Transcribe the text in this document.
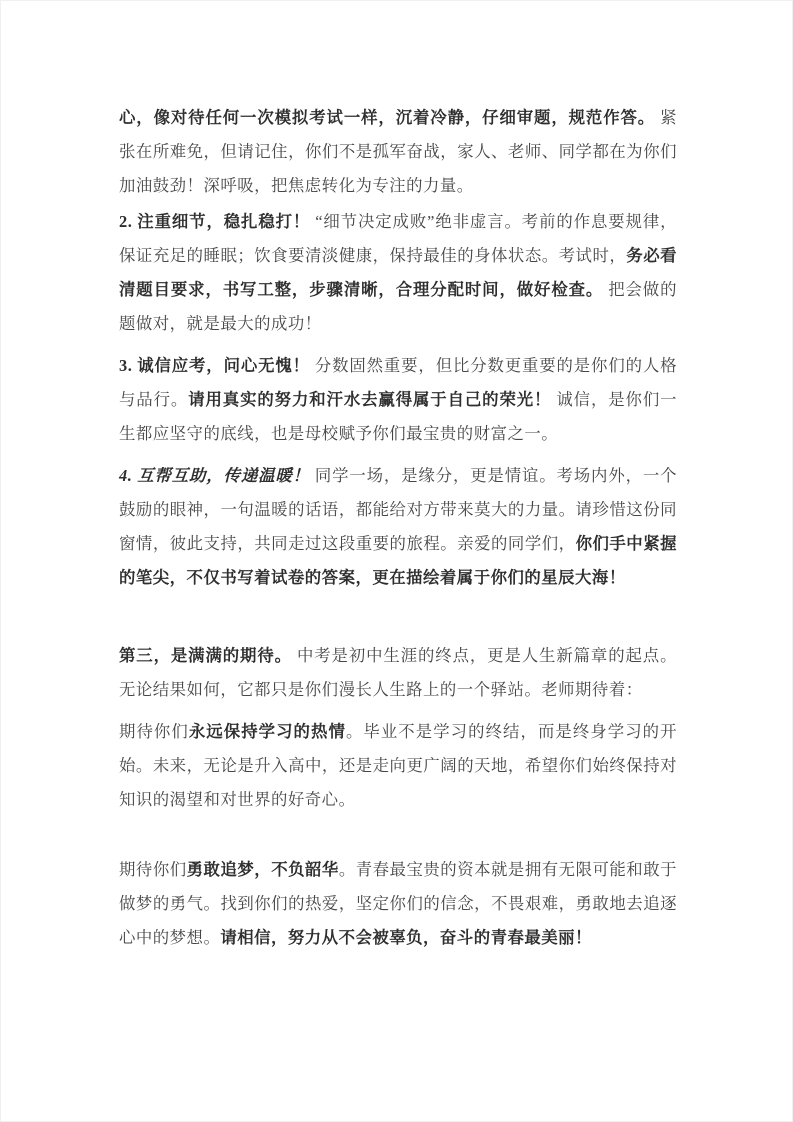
心，像对待任何一次模拟考试一样，沉着冷静，仔细审题，规范作答。 紧张在所难免，但请记住，你们不是孤军奋战，家人、老师、同学都在为你们加油鼓劲！深呼吸，把焦虑转化为专注的力量。

2. 注重细节，稳扎稳打！ “细节决定成败”绝非虚言。考前的作息要规律，保证充足的睡眠；饮食要清淡健康，保持最佳的身体状态。考试时，务必看清题目要求，书写工整，步骤清晰，合理分配时间，做好检查。 把会做的题做对，就是最大的成功！

3. 诚信应考，问心无愧！ 分数固然重要，但比分数更重要的是你们的人格与品行。请用真实的努力和汗水去赢得属于自己的荣光！ 诚信，是你们一生都应坚守的底线，也是母校赋予你们最宝贵的财富之一。

4. 互帮互助，传递温暖！ 同学一场，是缘分，更是情谊。考场内外，一个鼓励的眼神，一句温暖的话语，都能给对方带来莫大的力量。请珍惜这份同窗情，彼此支持，共同走过这段重要的旅程。亲爱的同学们，你们手中紧握的笔尖，不仅书写着试卷的答案，更在描绘着属于你们的星辰大海！

第三，是满满的期待。 中考是初中生涯的终点，更是人生新篇章的起点。无论结果如何，它都只是你们漫长人生路上的一个驿站。老师期待着：

期待你们永远保持学习的热情。毕业不是学习的终结，而是终身学习的开始。未来，无论是升入高中，还是走向更广阔的天地，希望你们始终保持对知识的渴望和对世界的好奇心。

期待你们勇敢追梦，不负韶华。青春最宝贵的资本就是拥有无限可能和敢于做梦的勇气。找到你们的热爱，坚定你们的信念，不畏艰难，勇敢地去追逐心中的梦想。请相信，努力从不会被辜负，奋斗的青春最美丽！
